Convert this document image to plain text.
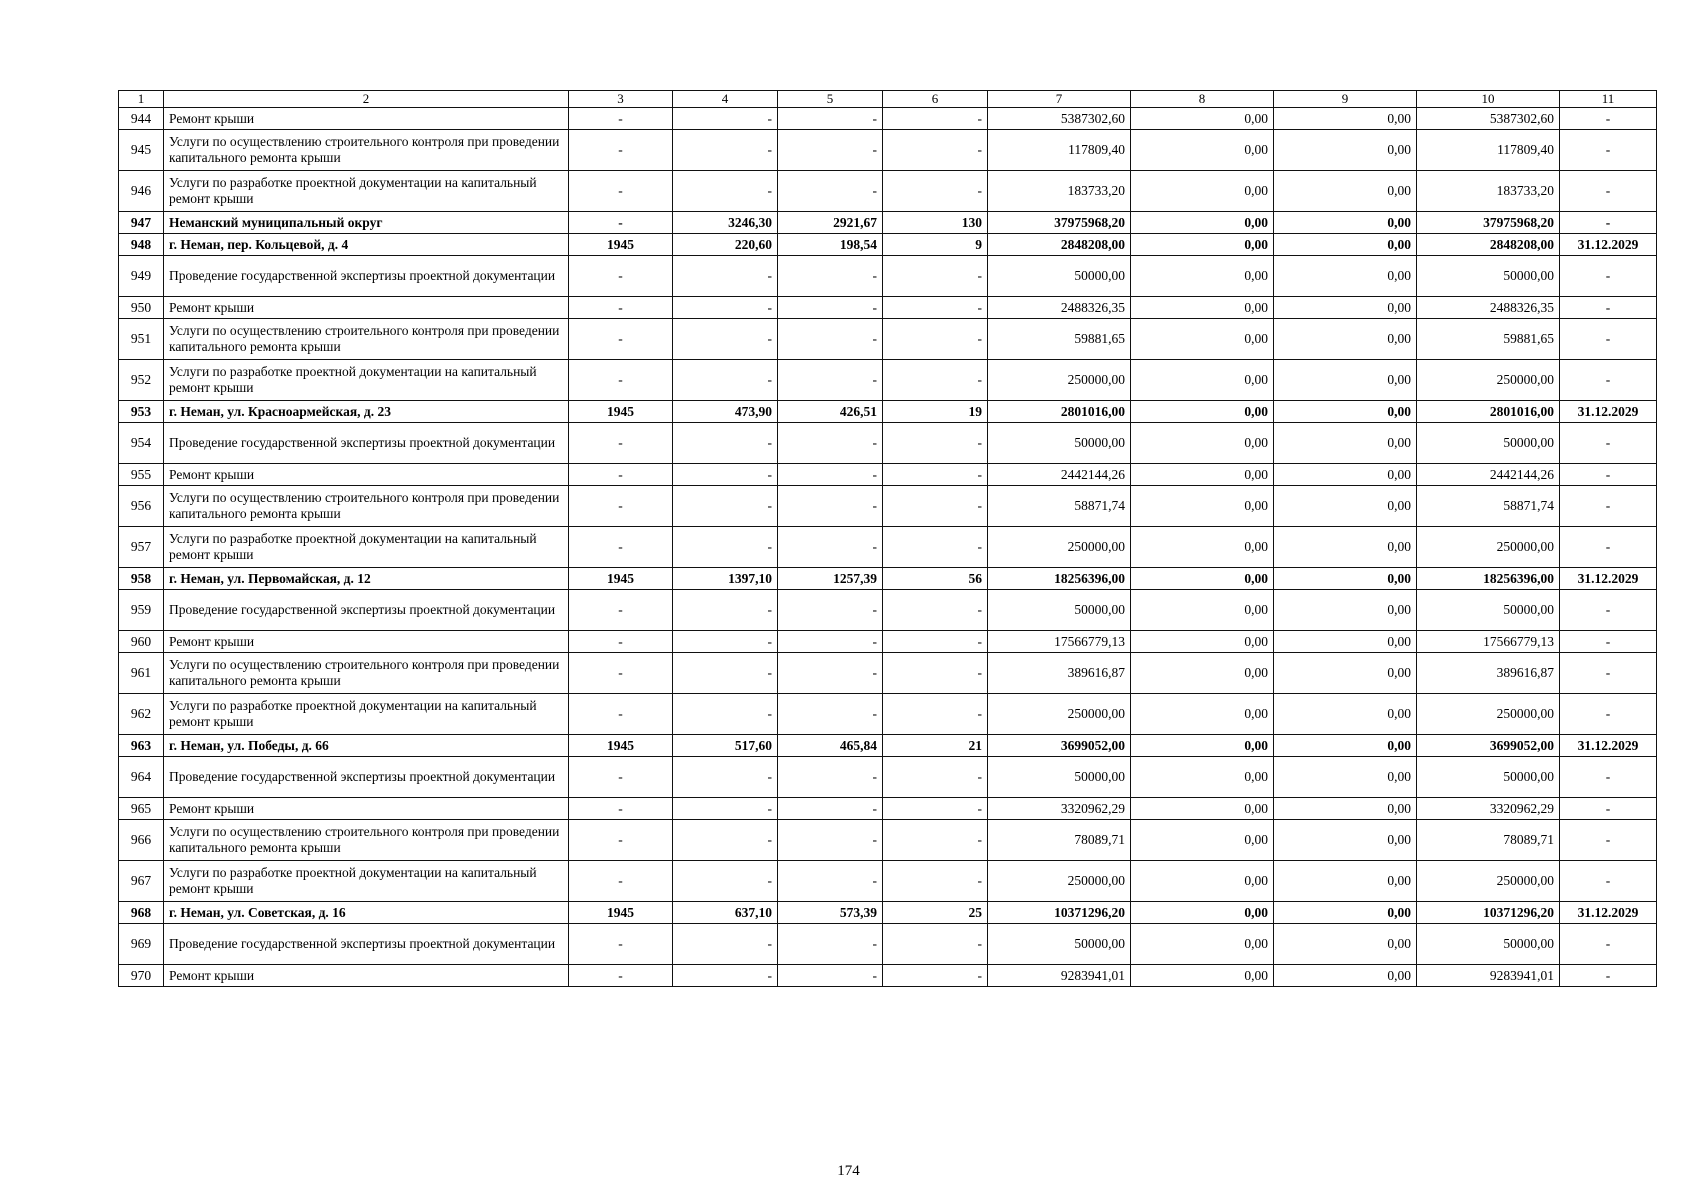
1	2	3	4	5	6	7	8	9	10	11
944	Ремонт крыши	-	-	-	-	5387302,60	0,00	0,00	5387302,60	-
945	Услуги по осуществлению строительного контроля при проведении капитального ремонта крыши	-	-	-	-	117809,40	0,00	0,00	117809,40	-
946	Услуги по разработке проектной документации на капитальный ремонт крыши	-	-	-	-	183733,20	0,00	0,00	183733,20	-
947	Неманский муниципальный округ	-	3246,30	2921,67	130	37975968,20	0,00	0,00	37975968,20	-
948	г. Неман, пер. Кольцевой, д. 4	1945	220,60	198,54	9	2848208,00	0,00	0,00	2848208,00	31.12.2029
949	Проведение государственной экспертизы проектной документации	-	-	-	-	50000,00	0,00	0,00	50000,00	-
950	Ремонт крыши	-	-	-	-	2488326,35	0,00	0,00	2488326,35	-
951	Услуги по осуществлению строительного контроля при проведении капитального ремонта крыши	-	-	-	-	59881,65	0,00	0,00	59881,65	-
952	Услуги по разработке проектной документации на капитальный ремонт крыши	-	-	-	-	250000,00	0,00	0,00	250000,00	-
953	г. Неман, ул. Красноармейская, д. 23	1945	473,90	426,51	19	2801016,00	0,00	0,00	2801016,00	31.12.2029
954	Проведение государственной экспертизы проектной документации	-	-	-	-	50000,00	0,00	0,00	50000,00	-
955	Ремонт крыши	-	-	-	-	2442144,26	0,00	0,00	2442144,26	-
956	Услуги по осуществлению строительного контроля при проведении капитального ремонта крыши	-	-	-	-	58871,74	0,00	0,00	58871,74	-
957	Услуги по разработке проектной документации на капитальный ремонт крыши	-	-	-	-	250000,00	0,00	0,00	250000,00	-
958	г. Неман, ул. Первомайская, д. 12	1945	1397,10	1257,39	56	18256396,00	0,00	0,00	18256396,00	31.12.2029
959	Проведение государственной экспертизы проектной документации	-	-	-	-	50000,00	0,00	0,00	50000,00	-
960	Ремонт крыши	-	-	-	-	17566779,13	0,00	0,00	17566779,13	-
961	Услуги по осуществлению строительного контроля при проведении капитального ремонта крыши	-	-	-	-	389616,87	0,00	0,00	389616,87	-
962	Услуги по разработке проектной документации на капитальный ремонт крыши	-	-	-	-	250000,00	0,00	0,00	250000,00	-
963	г. Неман, ул. Победы, д. 66	1945	517,60	465,84	21	3699052,00	0,00	0,00	3699052,00	31.12.2029
964	Проведение государственной экспертизы проектной документации	-	-	-	-	50000,00	0,00	0,00	50000,00	-
965	Ремонт крыши	-	-	-	-	3320962,29	0,00	0,00	3320962,29	-
966	Услуги по осуществлению строительного контроля при проведении капитального ремонта крыши	-	-	-	-	78089,71	0,00	0,00	78089,71	-
967	Услуги по разработке проектной документации на капитальный ремонт крыши	-	-	-	-	250000,00	0,00	0,00	250000,00	-
968	г. Неман, ул. Советская, д. 16	1945	637,10	573,39	25	10371296,20	0,00	0,00	10371296,20	31.12.2029
969	Проведение государственной экспертизы проектной документации	-	-	-	-	50000,00	0,00	0,00	50000,00	-
970	Ремонт крыши	-	-	-	-	9283941,01	0,00	0,00	9283941,01	-
174
